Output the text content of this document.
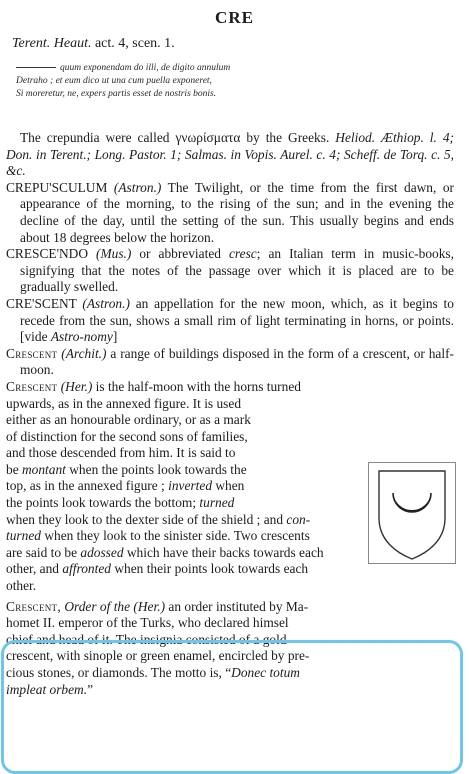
CRE
Terent. Heaut. act. 4, scen. 1.
quum exponendam do illi, de digito annulum
Detraho ; et eum dico ut una cum puella exponeret,
Si moreretur, ne, expers partis esset de nostris bonis.

The crepundia were called γνωρίσματα by the Greeks. Heliod. Æthiop. l. 4; Don. in Terent.; Long. Pastor. 1; Salmas. in Vopis. Aurel. c. 4; Scheff. de Torq. c. 5, &c.

CREPU'SCULUM (Astron.) The Twilight, or the time from the first dawn, or appearance of the morning, to the rising of the sun; and in the evening the decline of the day, until the setting of the sun. This usually begins and ends about 18 degrees below the horizon.

CRESCE'NDO (Mus.) or abbreviated cresc; an Italian term in music-books, signifying that the notes of the passage over which it is placed are to be gradually swelled.

CRE'SCENT (Astron.) an appellation for the new moon, which, as it begins to recede from the sun, shows a small rim of light terminating in horns, or points. [vide Astro-nomy]

Crescent (Archit.) a range of buildings disposed in the form of a crescent, or half-moon.

Crescent (Her.) is the half-moon with the horns turned
upwards, as in the annexed figure. It is used
either as an honourable ordinary, or as a mark
of distinction for the second sons of families,
and those descended from him. It is said to
be montant when the points look towards the
top, as in the annexed figure ; inverted when
the points look towards the bottom; turned
when they look to the dexter side of the shield ; and con-
turned when they look to the sinister side. Two crescents
are said to be adossed which have their backs towards each
other, and affronted when their points look towards each
other.
Crescent, Order of the (Her.) an order instituted by Ma-
homet II. emperor of the Turks, who declared himsel
chief and head of it. The insignia consisted of a gold
crescent, with sinople or green enamel, encircled by pre-
cious stones, or diamonds. The motto is, “Donec totum
impleat orbem.”
